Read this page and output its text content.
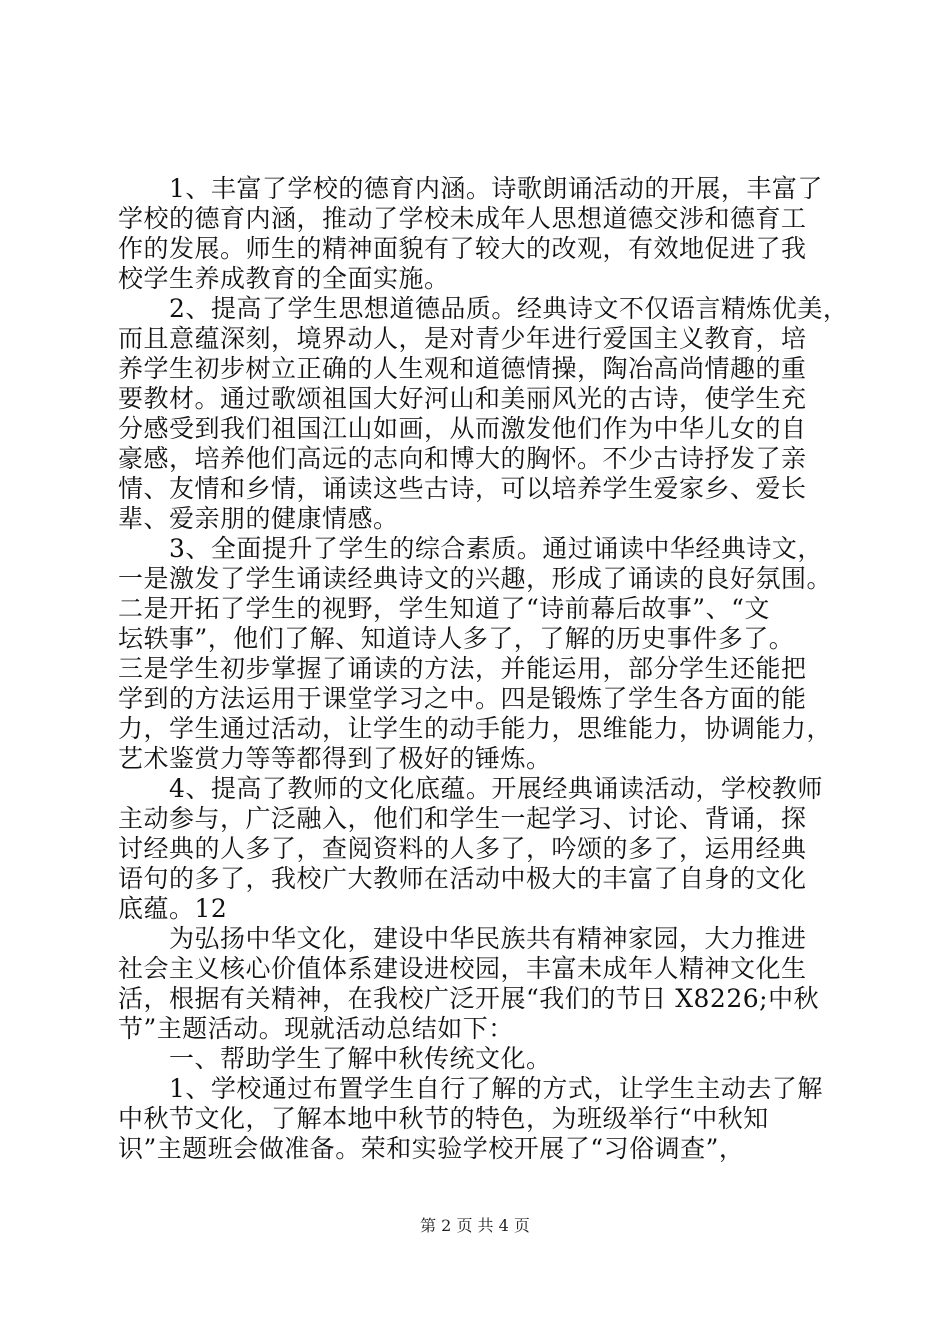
　　1、丰富了学校的德育内涵。诗歌朗诵活动的开展，丰富了
学校的德育内涵，推动了学校未成年人思想道德交涉和德育工
作的发展。师生的精神面貌有了较大的改观，有效地促进了我
校学生养成教育的全面实施。
　　2、提高了学生思想道德品质。经典诗文不仅语言精炼优美，
而且意蕴深刻，境界动人，是对青少年进行爱国主义教育，培
养学生初步树立正确的人生观和道德情操，陶冶高尚情趣的重
要教材。通过歌颂祖国大好河山和美丽风光的古诗，使学生充
分感受到我们祖国江山如画，从而激发他们作为中华儿女的自
豪感，培养他们高远的志向和博大的胸怀。不少古诗抒发了亲
情、友情和乡情，诵读这些古诗，可以培养学生爱家乡、爱长
辈、爱亲朋的健康情感。
　　3、全面提升了学生的综合素质。通过诵读中华经典诗文，
一是激发了学生诵读经典诗文的兴趣，形成了诵读的良好氛围。
二是开拓了学生的视野，学生知道了“诗前幕后故事”、“文
坛轶事”，他们了解、知道诗人多了，了解的历史事件多了。
三是学生初步掌握了诵读的方法，并能运用，部分学生还能把
学到的方法运用于课堂学习之中。四是锻炼了学生各方面的能
力，学生通过活动，让学生的动手能力，思维能力，协调能力，
艺术鉴赏力等等都得到了极好的锤炼。
　　4、提高了教师的文化底蕴。开展经典诵读活动，学校教师
主动参与，广泛融入，他们和学生一起学习、讨论、背诵，探
讨经典的人多了，查阅资料的人多了，吟颂的多了，运用经典
语句的多了，我校广大教师在活动中极大的丰富了自身的文化
底蕴。12
　　为弘扬中华文化，建设中华民族共有精神家园，大力推进
社会主义核心价值体系建设进校园，丰富未成年人精神文化生
活，根据有关精神，在我校广泛开展“我们的节日 X8226;中秋
节”主题活动。现就活动总结如下：
　　一、帮助学生了解中秋传统文化。
　　1、学校通过布置学生自行了解的方式，让学生主动去了解
中秋节文化，了解本地中秋节的特色，为班级举行“中秋知
识”主题班会做准备。荣和实验学校开展了“习俗调查”，
第 2 页 共 4 页
